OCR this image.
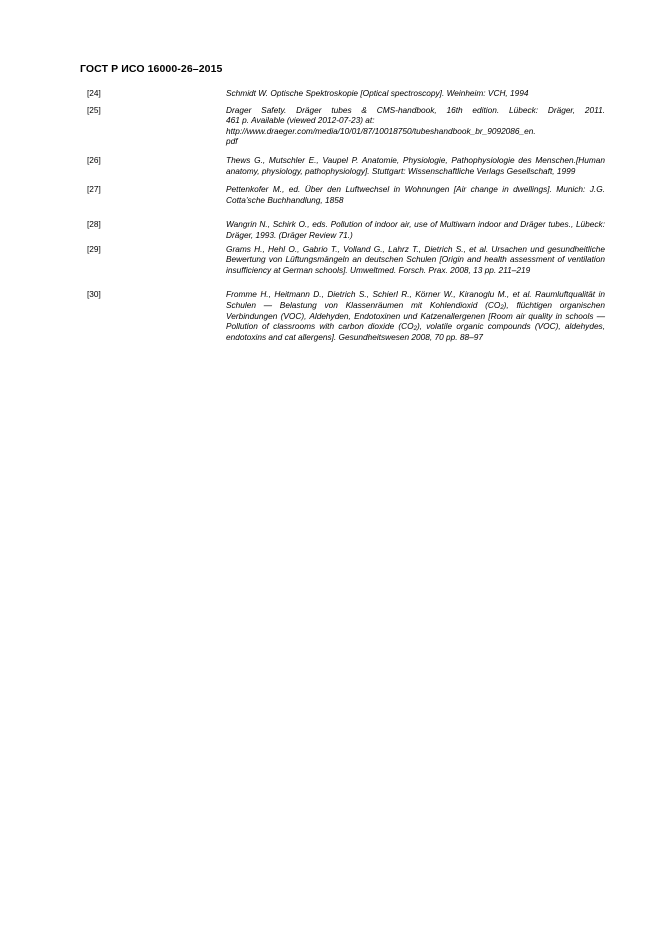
ГОСТ Р ИСО 16000-26–2015
[24]	Schmidt W. Optische Spektroskopie [Optical spectroscopy]. Weinheim: VCH, 1994
[25]	Drager Safety. Dräger tubes & CMS-handbook, 16th edition. Lübeck: Dräger, 2011.
461 p. Available (viewed 2012-07-23) at:
http://www.draeger.com/media/10/01/87/10018750/tubeshandbook_br_9092086_en.
pdf
[26]	Thews G., Mutschler E., Vaupel P. Anatomie, Physiologie, Pathophysiologie des Menschen.[Human anatomy, physiology, pathophysiology]. Stuttgart: Wissenschaftliche Verlags Gesellschaft, 1999
[27]	Pettenkofer M., ed. Über den Luftwechsel in Wohnungen [Air change in dwellings]. Munich: J.G. Cotta’sche Buchhandlung, 1858
[28]	Wangrin N., Schirk O., eds. Pollution of indoor air, use of Multiwarn indoor and Dräger tubes., Lübeck: Dräger, 1993. (Dräger Review 71.)
[29]	Grams H., Hehl O., Gabrio T., Volland G., Lahrz T., Dietrich S., et al. Ursachen und gesundheitliche Bewertung von Lüftungsmängeln an deutschen Schulen [Origin and health assessment of ventilation insufficiency at German schools]. Umweltmed. Forsch. Prax. 2008, 13 pp. 211–219
[30]	Fromme H., Heitmann D., Dietrich S., Schierl R., Körner W., Kiranoglu M., et al. Raumluftqualität in Schulen — Belastung von Klassenräumen mit Kohlendioxid $(CO_2)$, flüchtigen organischen Verbindungen (VOC), Aldehyden, Endotoxinen und Katzenallergenen [Room air quality in schools — Pollution of classrooms with carbon dioxide $(CO_2)$, volatile organic compounds (VOC), aldehydes, endotoxins and cat allergens]. Gesundheitswesen 2008, 70 pp. 88–97
